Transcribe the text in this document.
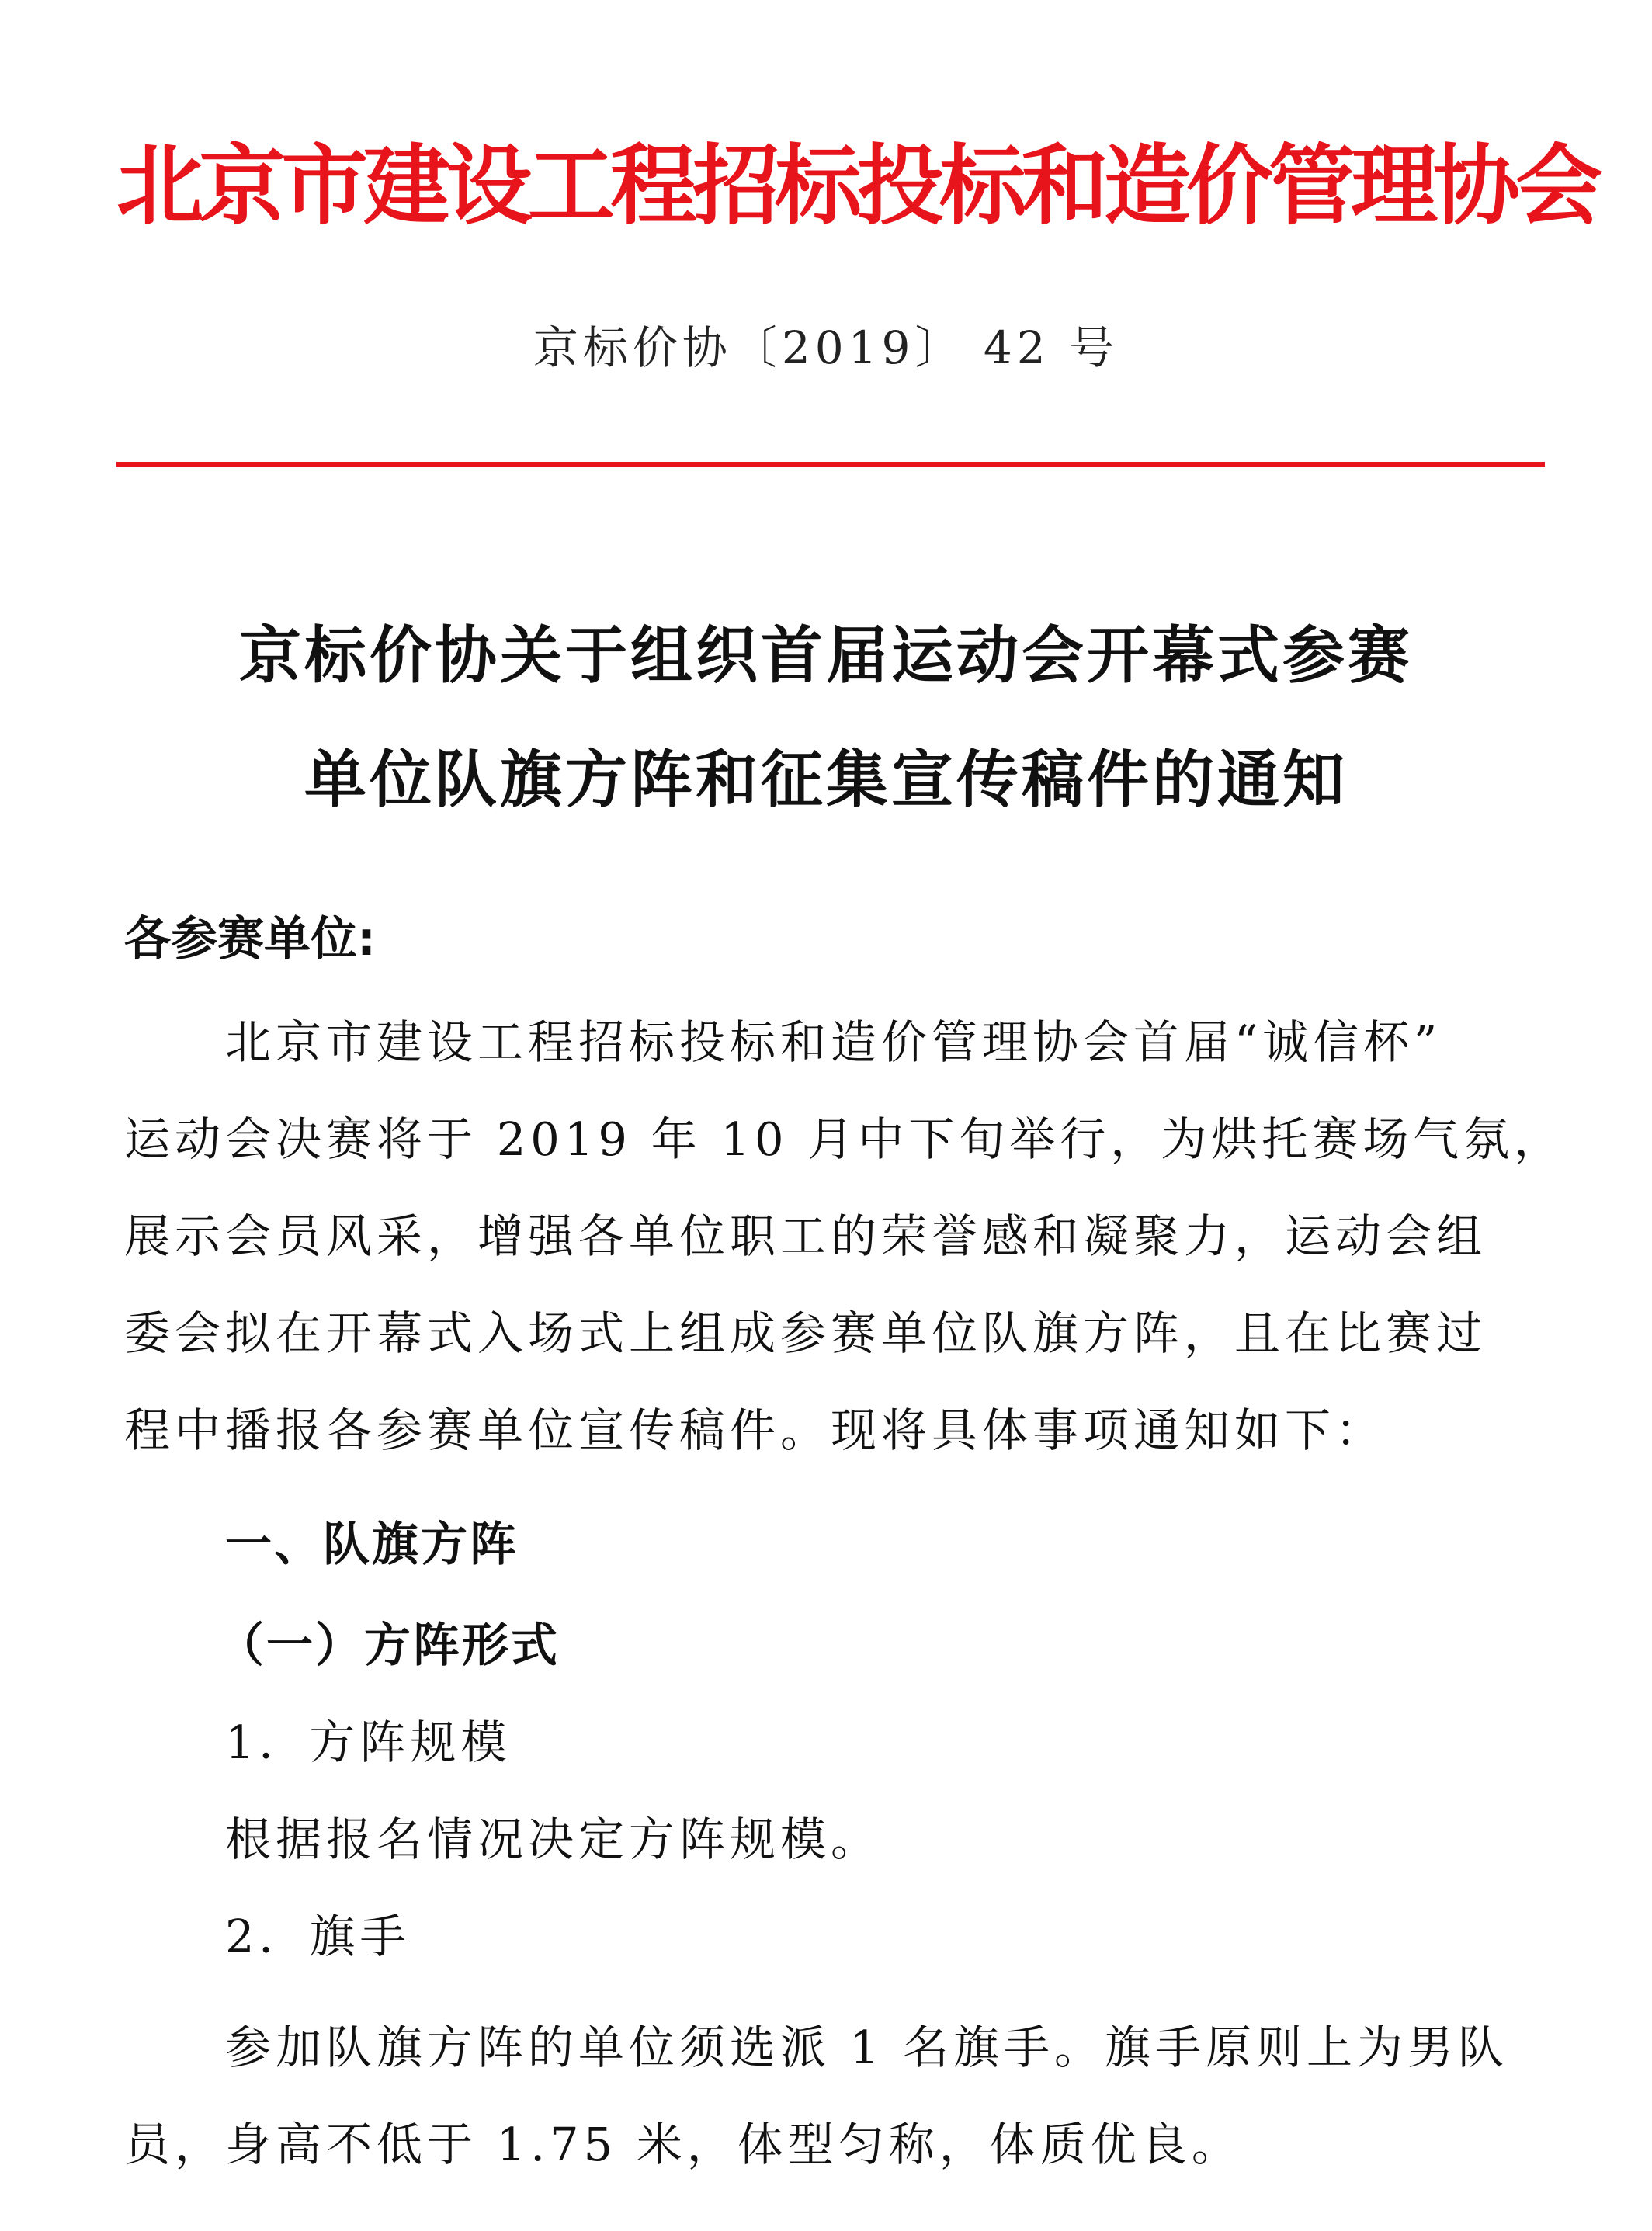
北京市建设工程招标投标和造价管理协会
京标价协〔2019〕 42 号
京标价协关于组织首届运动会开幕式参赛
单位队旗方阵和征集宣传稿件的通知
各参赛单位:
北京市建设工程招标投标和造价管理协会首届“诚信杯”
运动会决赛将于 2019 年 10 月中下旬举行，为烘托赛场气氛，
展示会员风采，增强各单位职工的荣誉感和凝聚力，运动会组
委会拟在开幕式入场式上组成参赛单位队旗方阵，且在比赛过
程中播报各参赛单位宣传稿件。现将具体事项通知如下：
一、队旗方阵
（一）方阵形式
1．方阵规模
根据报名情况决定方阵规模。
2．旗手
参加队旗方阵的单位须选派 1 名旗手。旗手原则上为男队
员，身高不低于 1.75 米，体型匀称，体质优良。
